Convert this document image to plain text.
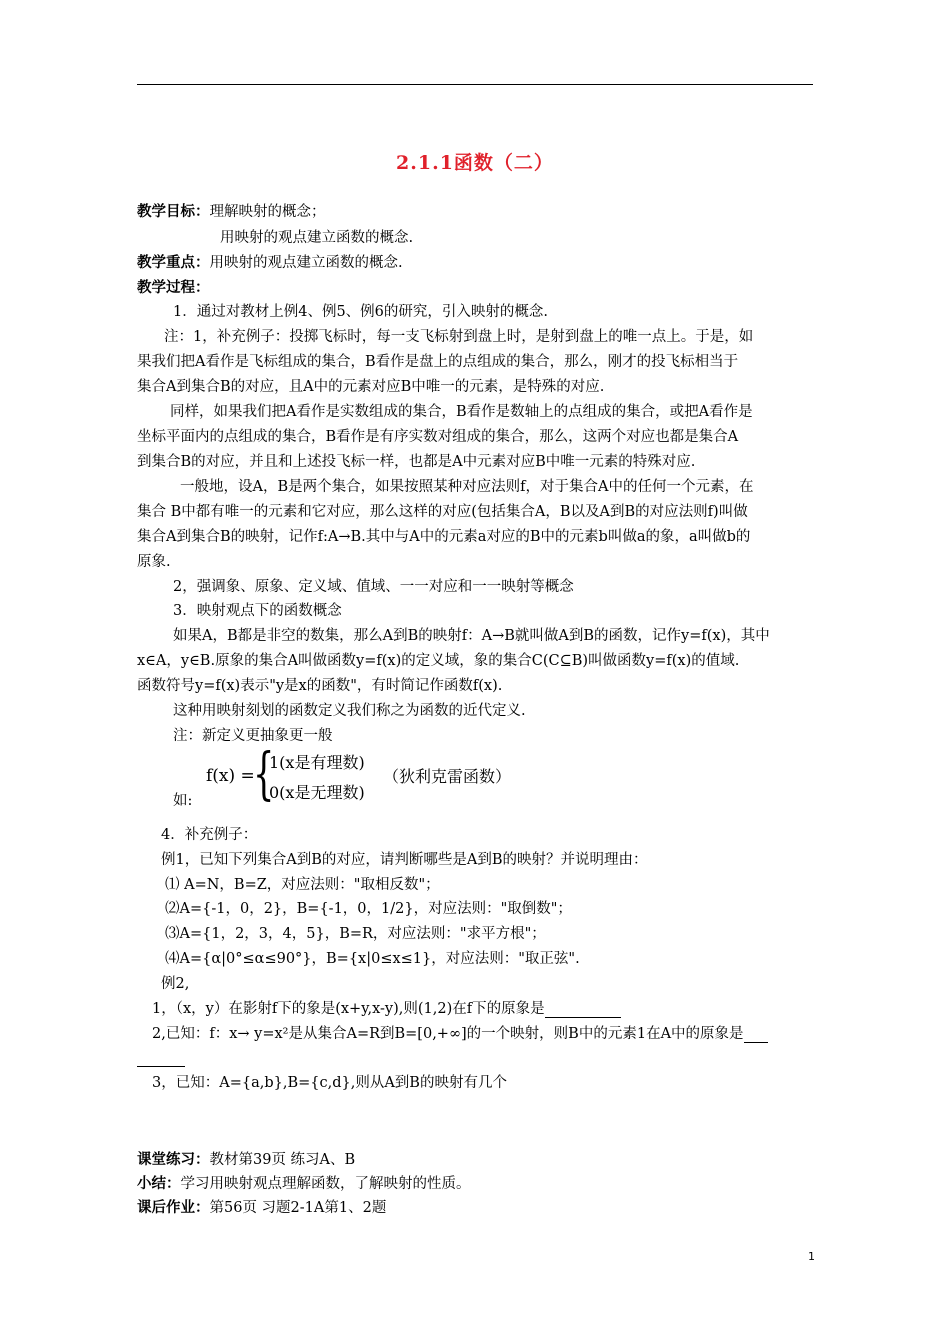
2.1.1函数（二）
教学目标：理解映射的概念；
用映射的观点建立函数的概念.
教学重点：用映射的观点建立函数的概念.
教学过程：
1．通过对教材上例4、例5、例6的研究，引入映射的概念.
注：1，补充例子：投掷飞标时，每一支飞标射到盘上时，是射到盘上的唯一点上。于是，如
果我们把A看作是飞标组成的集合，B看作是盘上的点组成的集合，那么，刚才的投飞标相当于
集合A到集合B的对应，且A中的元素对应B中唯一的元素，是特殊的对应.
同样，如果我们把A看作是实数组成的集合，B看作是数轴上的点组成的集合，或把A看作是
坐标平面内的点组成的集合，B看作是有序实数对组成的集合，那么，这两个对应也都是集合A
到集合B的对应，并且和上述投飞标一样，也都是A中元素对应B中唯一元素的特殊对应.
一般地，设A，B是两个集合，如果按照某种对应法则f，对于集合A中的任何一个元素，在
集合 B中都有唯一的元素和它对应，那么这样的对应(包括集合A，B以及A到B的对应法则f)叫做
集合A到集合B的映射，记作f:A→B.其中与A中的元素a对应的B中的元素b叫做a的象，a叫做b的
原象.
2，强调象、原象、定义域、值域、一一对应和一一映射等概念
3．映射观点下的函数概念
如果A，B都是非空的数集，那么A到B的映射f：A→B就叫做A到B的函数，记作y=f(x)，其中
x∈A，y∈B.原象的集合A叫做函数y=f(x)的定义域，象的集合C(C⊆B)叫做函数y=f(x)的值域.
函数符号y=f(x)表示"y是x的函数"，有时简记作函数f(x).
这种用映射刻划的函数定义我们称之为函数的近代定义.
注：新定义更抽象更一般
f(x) =
{
1(x是有理数)
0(x是无理数)
（狄利克雷函数）
如:
4．补充例子：
例1，已知下列集合A到B的对应，请判断哪些是A到B的映射？并说明理由：
⑴ A=N，B=Z，对应法则："取相反数"；
⑵A={-1，0，2}，B={-1，0，1/2}，对应法则："取倒数"；
⑶A={1，2，3，4，5}，B=R，对应法则："求平方根"；
⑷A={α|0°≤α≤90°}，B={x|0≤x≤1}，对应法则："取正弦".
例2,
1，（x，y）在影射f下的象是(x+y,x-y),则(1,2)在f下的原象是
2,已知：f：x→ y=x²是从集合A=R到B=[0,+∞]的一个映射，则B中的元素1在A中的原象是
3，已知：A={a,b},B={c,d},则从A到B的映射有几个
课堂练习：教材第39页 练习A、B
小结：学习用映射观点理解函数，了解映射的性质。
课后作业：第56页 习题2-1A第1、2题
1
